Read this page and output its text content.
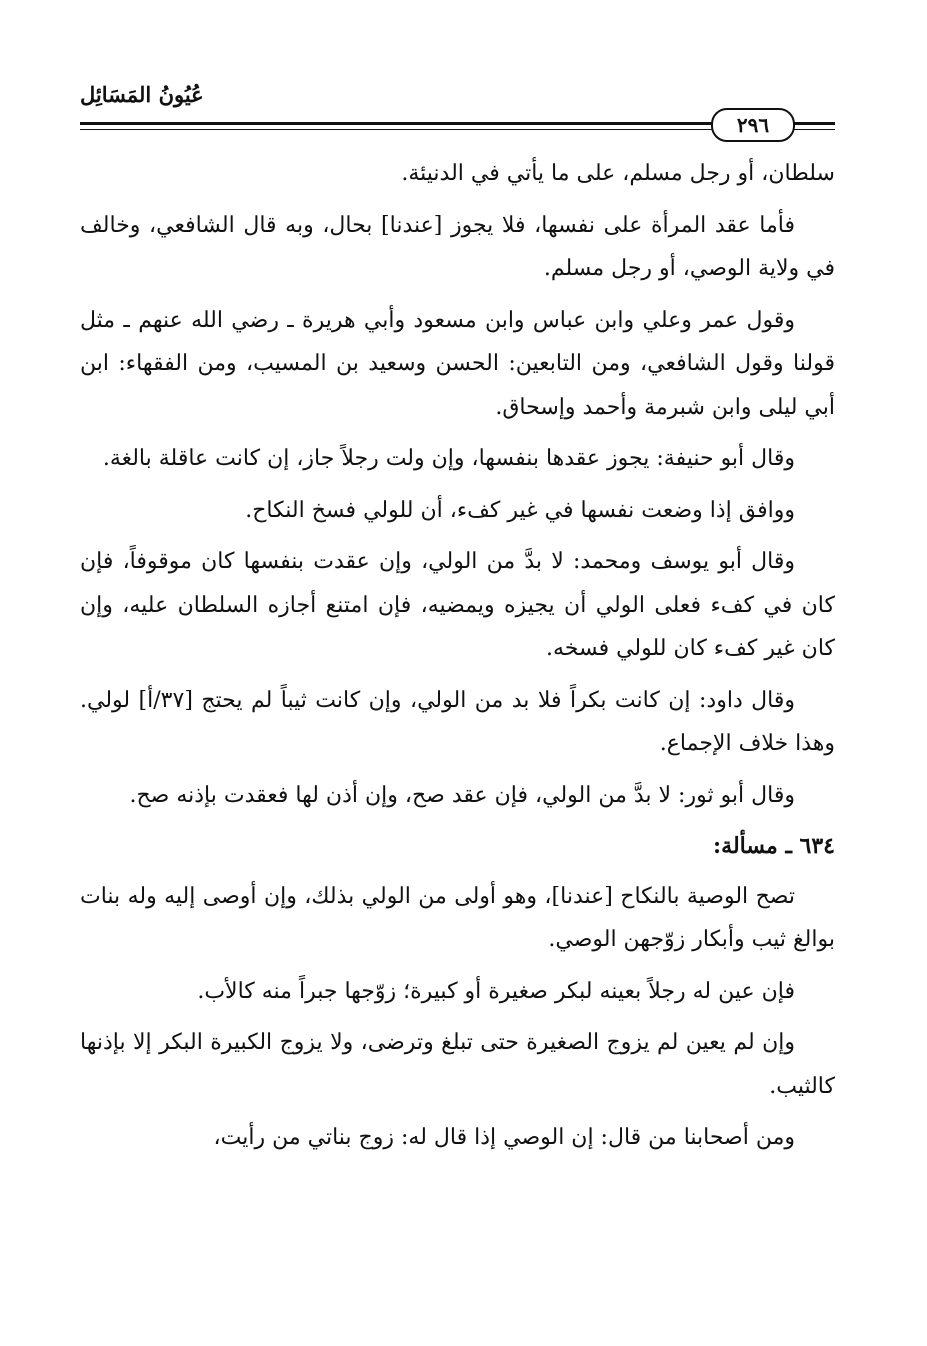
عُيُونُ المَسَائِل
٢٩٦

سلطان، أو رجل مسلم، على ما يأتي في الدنيئة.

فأما عقد المرأة على نفسها، فلا يجوز [عندنا] بحال، وبه قال الشافعي، وخالف في ولاية الوصي، أو رجل مسلم.

وقول عمر وعلي وابن عباس وابن مسعود وأبي هريرة ـ رضي الله عنهم ـ مثل قولنا وقول الشافعي، ومن التابعين: الحسن وسعيد بن المسيب، ومن الفقهاء: ابن أبي ليلى وابن شبرمة وأحمد وإسحاق.

وقال أبو حنيفة: يجوز عقدها بنفسها، وإن ولت رجلاً جاز، إن كانت عاقلة بالغة.

ووافق إذا وضعت نفسها في غير كفء، أن للولي فسخ النكاح.

وقال أبو يوسف ومحمد: لا بدَّ من الولي، وإن عقدت بنفسها كان موقوفاً، فإن كان في كفء فعلى الولي أن يجيزه ويمضيه، فإن امتنع أجازه السلطان عليه، وإن كان غير كفء كان للولي فسخه.

وقال داود: إن كانت بكراً فلا بد من الولي، وإن كانت ثيباً لم يحتج [٣٧/أ] لولي. وهذا خلاف الإجماع.

وقال أبو ثور: لا بدَّ من الولي، فإن عقد صح، وإن أذن لها فعقدت بإذنه صح.

٦٣٤ ـ مسألة:

تصح الوصية بالنكاح [عندنا]، وهو أولى من الولي بذلك، وإن أوصى إليه وله بنات بوالغ ثيب وأبكار زوّجهن الوصي.

فإن عين له رجلاً بعينه لبكر صغيرة أو كبيرة؛ زوّجها جبراً منه كالأب.

وإن لم يعين لم يزوج الصغيرة حتى تبلغ وترضى، ولا يزوج الكبيرة البكر إلا بإذنها كالثيب.

ومن أصحابنا من قال: إن الوصي إذا قال له: زوج بناتي من رأيت،
